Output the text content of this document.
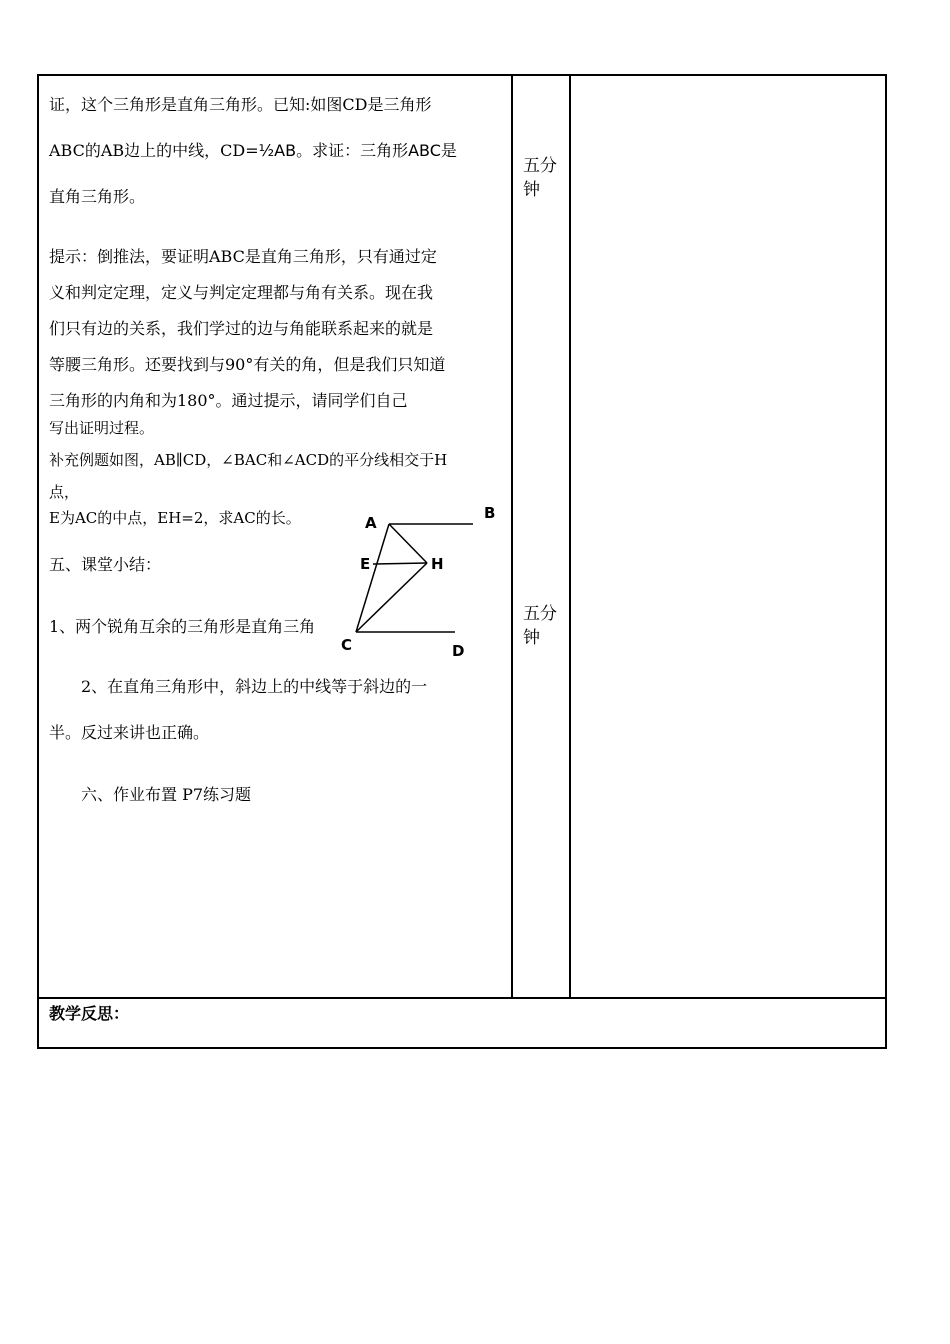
证，这个三角形是直角三角形。已知:如图CD是三角形

ABC的AB边上的中线，CD=½AB。求证：三角形ABC是

直角三角形。

提示：倒推法，要证明ABC是直角三角形，只有通过定

义和判定定理，定义与判定定理都与角有关系。现在我

们只有边的关系，我们学过的边与角能联系起来的就是

等腰三角形。还要找到与90°有关的角，但是我们只知道

三角形的内角和为180°。通过提示，请同学们自己

写出证明过程。

补充例题如图，AB∥CD，∠BAC和∠ACD的平分线相交于H

点，

E为AC的中点，EH=2，求AC的长。

五、课堂小结：

1、两个锐角互余的三角形是直角三角

2、在直角三角形中，斜边上的中线等于斜边的一

半。反过来讲也正确。

六、作业布置 P7练习题

A
B
E	H
C	D
五分钟
五分钟
教学反思：
